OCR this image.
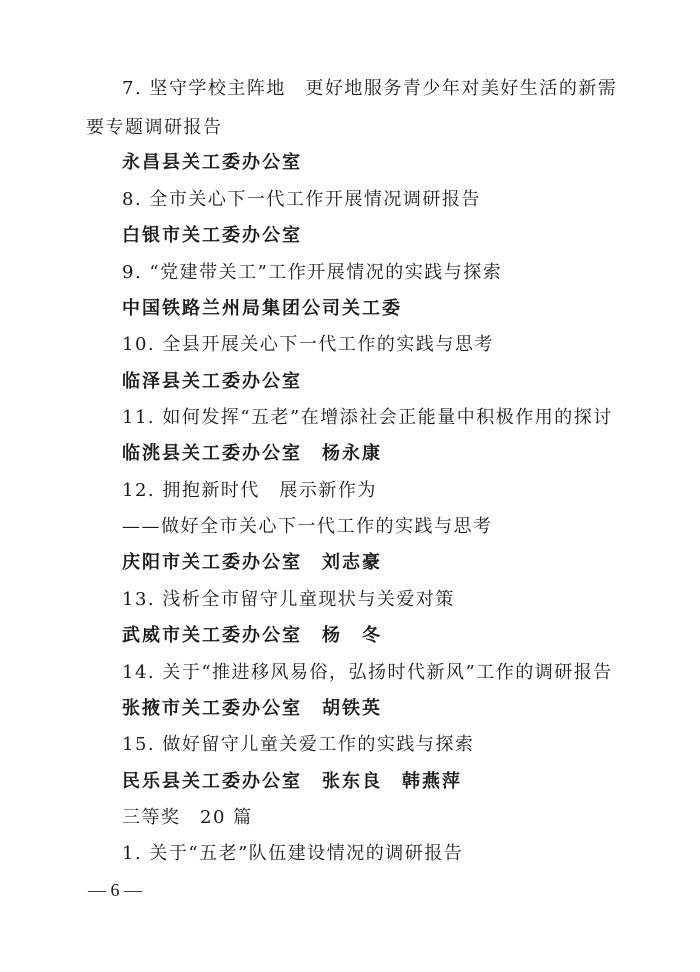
7. 坚守学校主阵地　更好地服务青少年对美好生活的新需
要专题调研报告
永昌县关工委办公室
8. 全市关心下一代工作开展情况调研报告
白银市关工委办公室
9. “党建带关工”工作开展情况的实践与探索
中国铁路兰州局集团公司关工委
10. 全县开展关心下一代工作的实践与思考
临泽县关工委办公室
11. 如何发挥“五老”在增添社会正能量中积极作用的探讨
临洮县关工委办公室　杨永康
12. 拥抱新时代　展示新作为
——做好全市关心下一代工作的实践与思考
庆阳市关工委办公室　刘志豪
13. 浅析全市留守儿童现状与关爱对策
武威市关工委办公室　杨　冬
14. 关于“推进移风易俗，弘扬时代新风”工作的调研报告
张掖市关工委办公室　胡铁英
15. 做好留守儿童关爱工作的实践与探索
民乐县关工委办公室　张东良　韩燕萍
三等奖　20 篇
1. 关于“五老”队伍建设情况的调研报告
— 6 —
